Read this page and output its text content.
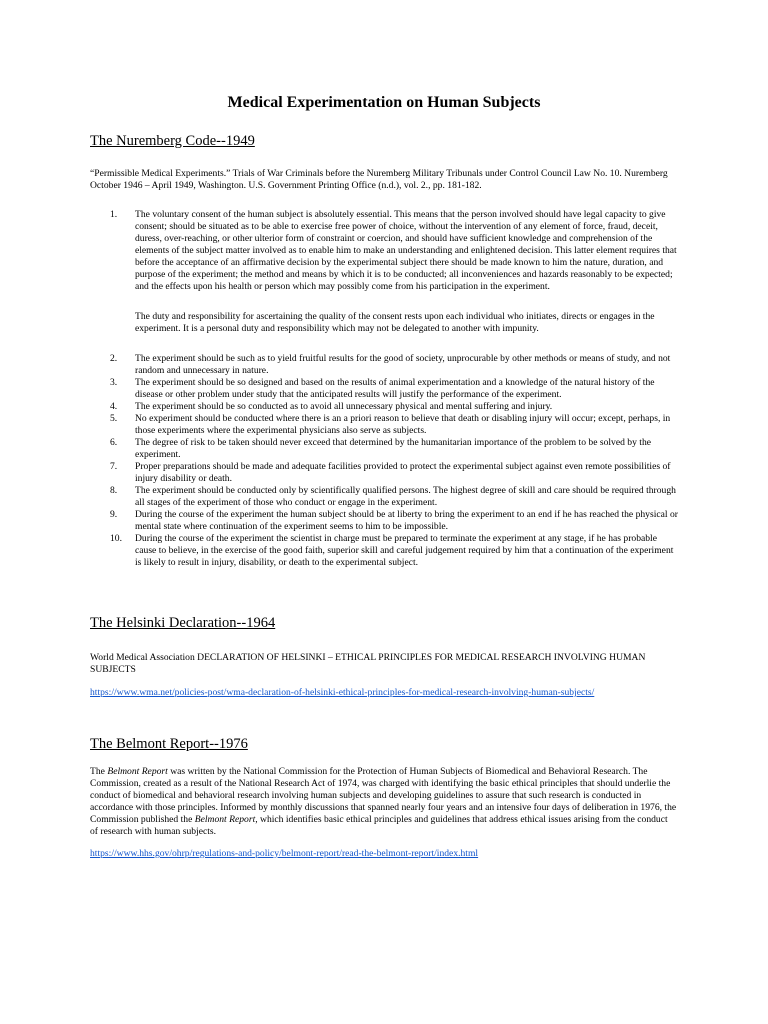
Medical Experimentation on Human Subjects
The Nuremberg Code--1949

“Permissible Medical Experiments.” Trials of War Criminals before the Nuremberg Military Tribunals under Control Council Law No. 10. Nuremberg October 1946 – April 1949, Washington. U.S. Government Printing Office (n.d.), vol. 2., pp. 181-182.

1.	The voluntary consent of the human subject is absolutely essential. This means that the person involved should have legal capacity to give consent; should be situated as to be able to exercise free power of choice, without the intervention of any element of force, fraud, deceit, duress, over-reaching, or other ulterior form of constraint or coercion, and should have sufficient knowledge and comprehension of the elements of the subject matter involved as to enable him to make an understanding and enlightened decision. This latter element requires that before the acceptance of an affirmative decision by the experimental subject there should be made known to him the nature, duration, and purpose of the experiment; the method and means by which it is to be conducted; all inconveniences and hazards reasonably to be expected; and the effects upon his health or person which may possibly come from his participation in the experiment.
The duty and responsibility for ascertaining the quality of the consent rests upon each individual who initiates, directs or engages in the experiment. It is a personal duty and responsibility which may not be delegated to another with impunity.
2.	The experiment should be such as to yield fruitful results for the good of society, unprocurable by other methods or means of study, and not random and unnecessary in nature.
3.	The experiment should be so designed and based on the results of animal experimentation and a knowledge of the natural history of the disease or other problem under study that the anticipated results will justify the performance of the experiment.
4.	The experiment should be so conducted as to avoid all unnecessary physical and mental suffering and injury.
5.	No experiment should be conducted where there is an a priori reason to believe that death or disabling injury will occur; except, perhaps, in those experiments where the experimental physicians also serve as subjects.
6.	The degree of risk to be taken should never exceed that determined by the humanitarian importance of the problem to be solved by the experiment.
7.	Proper preparations should be made and adequate facilities provided to protect the experimental subject against even remote possibilities of injury disability or death.
8.	The experiment should be conducted only by scientifically qualified persons. The highest degree of skill and care should be required through all stages of the experiment of those who conduct or engage in the experiment.
9.	During the course of the experiment the human subject should be at liberty to bring the experiment to an end if he has reached the physical or mental state where continuation of the experiment seems to him to be impossible.
10.	During the course of the experiment the scientist in charge must be prepared to terminate the experiment at any stage, if he has probable cause to believe, in the exercise of the good faith, superior skill and careful judgement required by him that a continuation of the experiment is likely to result in injury, disability, or death to the experimental subject.
The Helsinki Declaration--1964

World Medical Association DECLARATION OF HELSINKI – ETHICAL PRINCIPLES FOR MEDICAL RESEARCH INVOLVING HUMAN SUBJECTS

https://www.wma.net/policies-post/wma-declaration-of-helsinki-ethical-principles-for-medical-research-involving-human-subjects/

The Belmont Report--1976

The Belmont Report was written by the National Commission for the Protection of Human Subjects of Biomedical and Behavioral Research. The Commission, created as a result of the National Research Act of 1974, was charged with identifying the basic ethical principles that should underlie the conduct of biomedical and behavioral research involving human subjects and developing guidelines to assure that such research is conducted in accordance with those principles. Informed by monthly discussions that spanned nearly four years and an intensive four days of deliberation in 1976, the Commission published the Belmont Report, which identifies basic ethical principles and guidelines that address ethical issues arising from the conduct of research with human subjects.

https://www.hhs.gov/ohrp/regulations-and-policy/belmont-report/read-the-belmont-report/index.html
